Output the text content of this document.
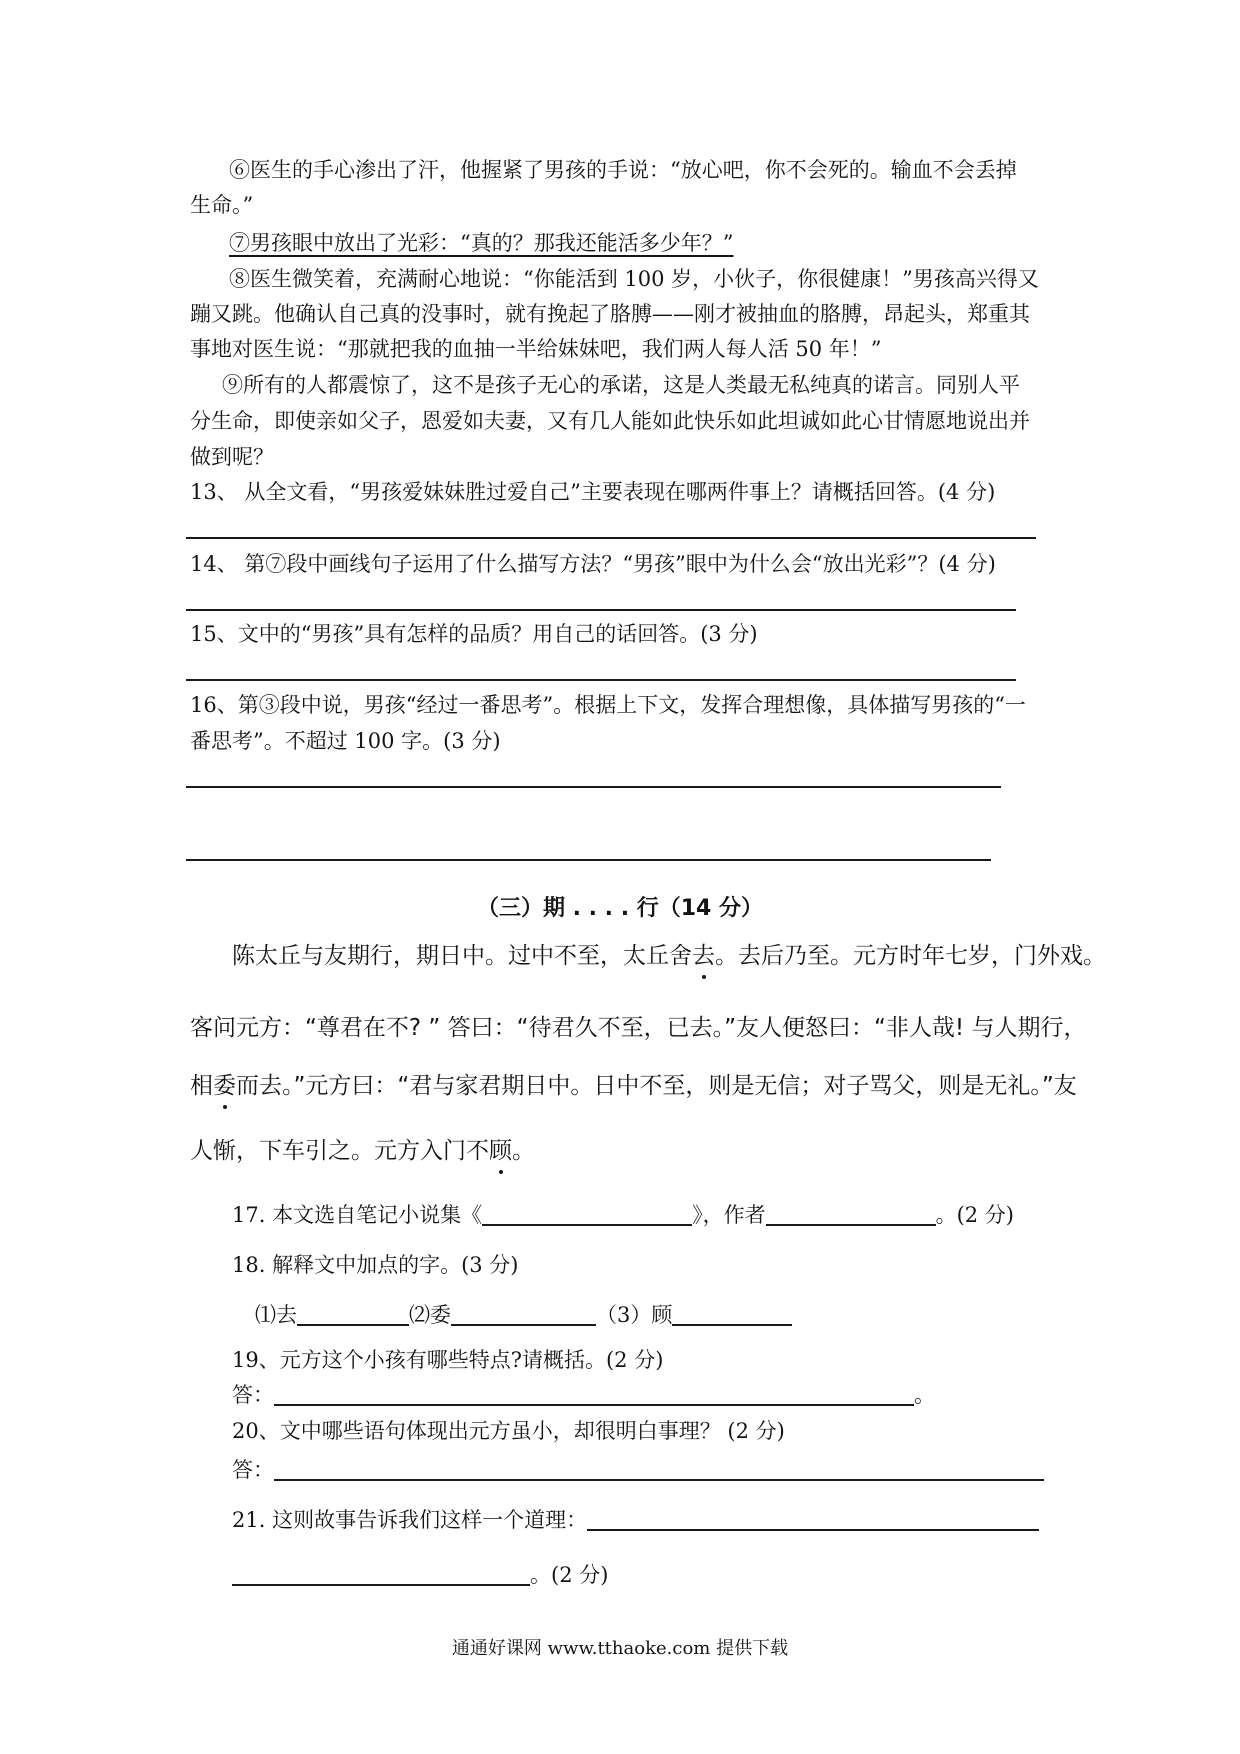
⑥医生的手心渗出了汗，他握紧了男孩的手说：“放心吧，你不会死的。输血不会丢掉
生命。”
⑦男孩眼中放出了光彩：“真的？那我还能活多少年？”
⑧医生微笑着，充满耐心地说：“你能活到 100 岁，小伙子，你很健康！”男孩高兴得又
蹦又跳。他确认自己真的没事时，就有挽起了胳膊——刚才被抽血的胳膊，昂起头，郑重其
事地对医生说：“那就把我的血抽一半给妹妹吧，我们两人每人活 50 年！”
⑨所有的人都震惊了，这不是孩子无心的承诺，这是人类最无私纯真的诺言。同别人平
分生命，即使亲如父子，恩爱如夫妻，又有几人能如此快乐如此坦诚如此心甘情愿地说出并
做到呢？
13、 从全文看，“男孩爱妹妹胜过爱自己”主要表现在哪两件事上？请概括回答。(4 分)
14、 第⑦段中画线句子运用了什么描写方法？“男孩”眼中为什么会“放出光彩”？(4 分)
15、文中的“男孩”具有怎样的品质？用自己的话回答。(3 分)
16、第③段中说，男孩“经过一番思考”。根据上下文，发挥合理想像，具体描写男孩的“一
番思考”。不超过 100 字。(3 分)
（三）期 . . . . 行（14 分）
陈太丘与友期行，期日中。过中不至，太丘舍去。去后乃至。元方时年七岁，门外戏。
客问元方：“尊君在不? ” 答曰：“待君久不至，已去。”友人便怒曰：“非人哉! 与人期行，
相委而去。”元方曰：“君与家君期日中。日中不至，则是无信；对子骂父，则是无礼。”友
人惭，下车引之。元方入门不顾。
17. 本文选自笔记小说集《	》，作者	。(2 分)
18. 解释文中加点的字。(3 分)
⑴去	⑵委	（3）顾
19、元方这个小孩有哪些特点?请概括。(2 分)
答：	。
20、文中哪些语句体现出元方虽小，却很明白事理？ (2 分)
答：
21. 这则故事告诉我们这样一个道理：
。(2 分)
通通好课网 www.tthaoke.com 提供下载
